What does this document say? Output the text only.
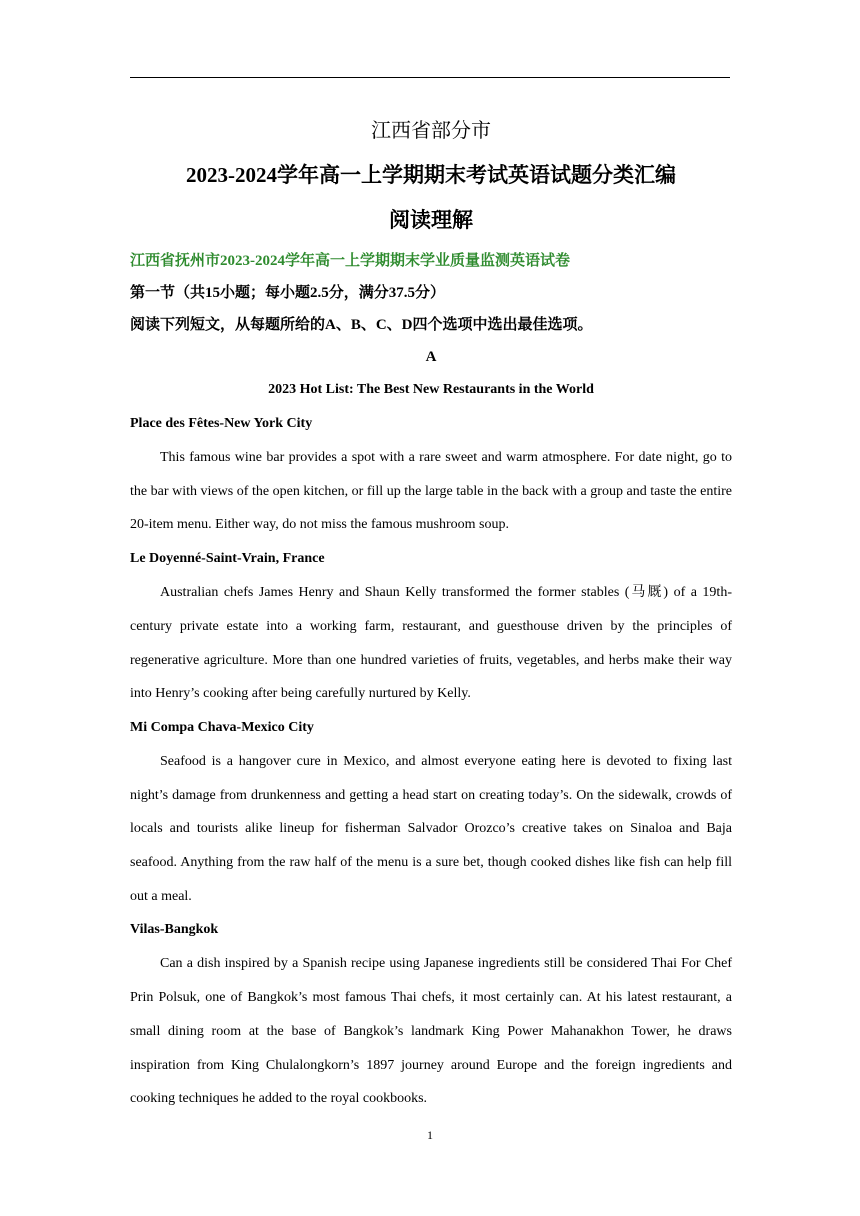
江西省部分市
2023-2024学年高一上学期期末考试英语试题分类汇编
阅读理解
江西省抚州市2023-2024学年高一上学期期末学业质量监测英语试卷
第一节（共15小题；每小题2.5分，满分37.5分）
阅读下列短文，从每题所给的A、B、C、D四个选项中选出最佳选项。
A
2023 Hot List: The Best New Restaurants in the World
Place des Fêtes-New York City

This famous wine bar provides a spot with a rare sweet and warm atmosphere. For date night, go to the bar with views of the open kitchen, or fill up the large table in the back with a group and taste the entire 20-item menu. Either way, do not miss the famous mushroom soup.

Le Doyenné-Saint-Vrain, France

Australian chefs James Henry and Shaun Kelly transformed the former stables (马厩) of a 19th-century private estate into a working farm, restaurant, and guesthouse driven by the principles of regenerative agriculture. More than one hundred varieties of fruits, vegetables, and herbs make their way into Henry’s cooking after being carefully nurtured by Kelly.

Mi Compa Chava-Mexico City

Seafood is a hangover cure in Mexico, and almost everyone eating here is devoted to fixing last night’s damage from drunkenness and getting a head start on creating today’s. On the sidewalk, crowds of locals and tourists alike lineup for fisherman Salvador Orozco’s creative takes on Sinaloa and Baja seafood. Anything from the raw half of the menu is a sure bet, though cooked dishes like fish can help fill out a meal.

Vilas-Bangkok

Can a dish inspired by a Spanish recipe using Japanese ingredients still be considered Thai For Chef Prin Polsuk, one of Bangkok’s most famous Thai chefs, it most certainly can. At his latest restaurant, a small dining room at the base of Bangkok’s landmark King Power Mahanakhon Tower, he draws inspiration from King Chulalongkorn’s 1897 journey around Europe and the foreign ingredients and cooking techniques he added to the royal cookbooks.

1
